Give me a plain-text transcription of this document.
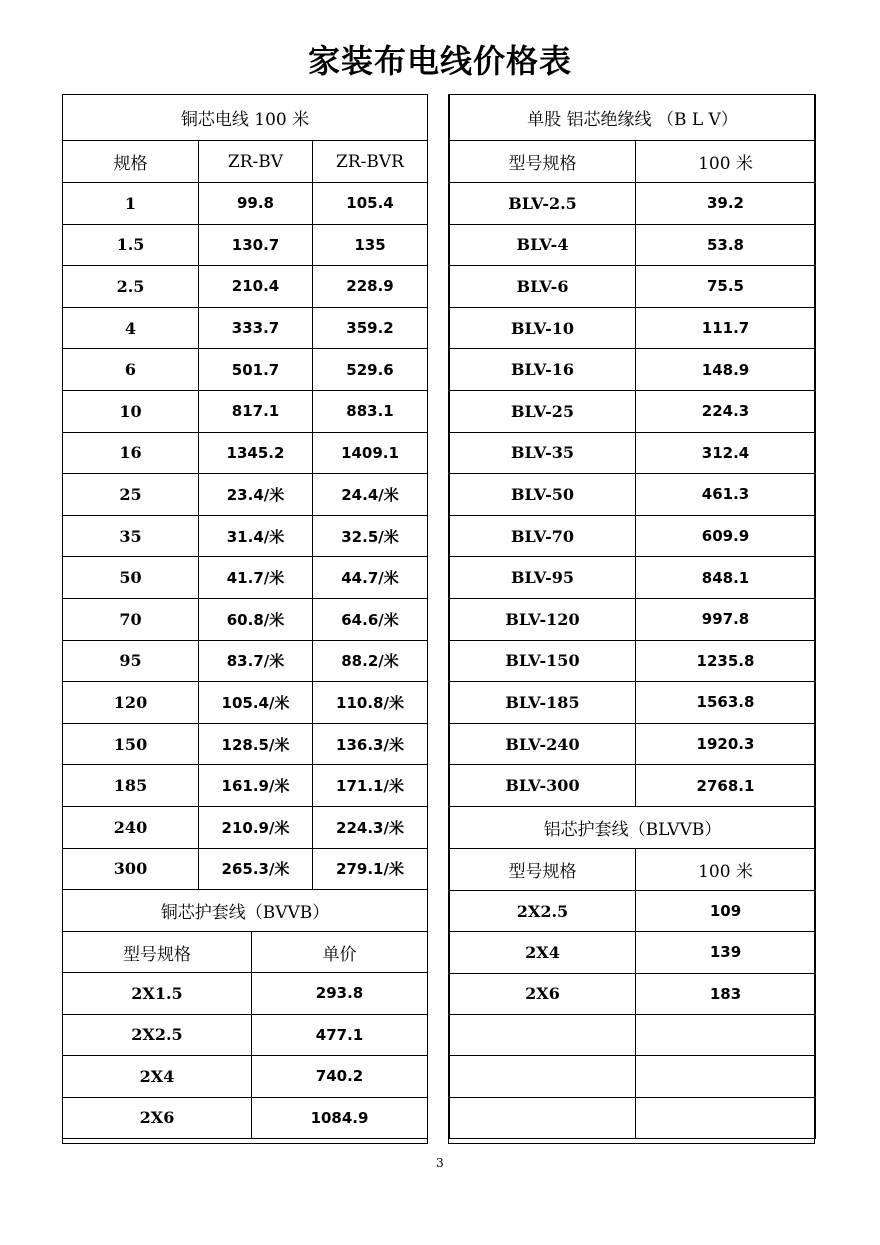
家装布电线价格表
铜芯电线 100 米			
规格	ZR-BV		ZR-BVR
1	99.8		105.4
1.5	130.7		135
2.5	210.4		228.9
4	333.7		359.2
6	501.7		529.6
10	817.1		883.1
16	1345.2		1409.1
25	23.4/米		24.4/米
35	31.4/米		32.5/米
50	41.7/米		44.7/米
70	60.8/米		64.6/米
95	83.7/米		88.2/米
120	105.4/米		110.8/米
150	128.5/米		136.3/米
185	161.9/米		171.1/米
240	210.9/米		224.3/米
300	265.3/米		279.1/米
铜芯护套线（BVVB）			
型号规格		单价	
2X1.5		293.8	
2X2.5		477.1	
2X4		740.2	
2X6		1084.9	
单股 铝芯绝缘线 （B L V）	
型号规格	100 米
BLV-2.5	39.2
BLV-4	53.8
BLV-6	75.5
BLV-10	111.7
BLV-16	148.9
BLV-25	224.3
BLV-35	312.4
BLV-50	461.3
BLV-70	609.9
BLV-95	848.1
BLV-120	997.8
BLV-150	1235.8
BLV-185	1563.8
BLV-240	1920.3
BLV-300	2768.1
铝芯护套线（BLVVB）	
型号规格	100 米
2X2.5	109
2X4	139
2X6	183

3
